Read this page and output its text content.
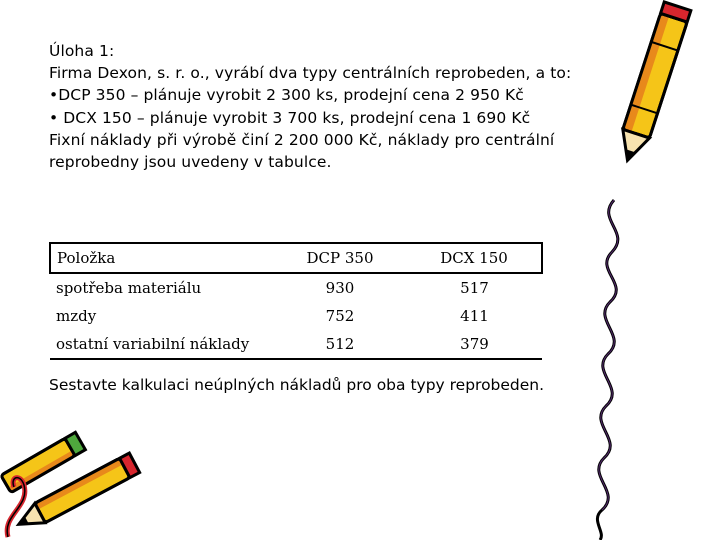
Úloha 1:
Firma Dexon, s. r. o., vyrábí dva typy centrálních reprobeden, a to:
•DCP 350 – plánuje vyrobit 2 300 ks, prodejní cena 2 950 Kč
• DCX 150 – plánuje vyrobit 3 700 ks, prodejní cena 1 690 Kč
Fixní náklady při výrobě činí 2 200 000 Kč, náklady pro centrální
reprobedny jsou uvedeny v tabulce.
Položka	DCP 350	DCX 150
spotřeba materiálu	930	517
mzdy	752	411
ostatní variabilní náklady	512	379
Sestavte kalkulaci neúplných nákladů pro oba typy reprobeden.
